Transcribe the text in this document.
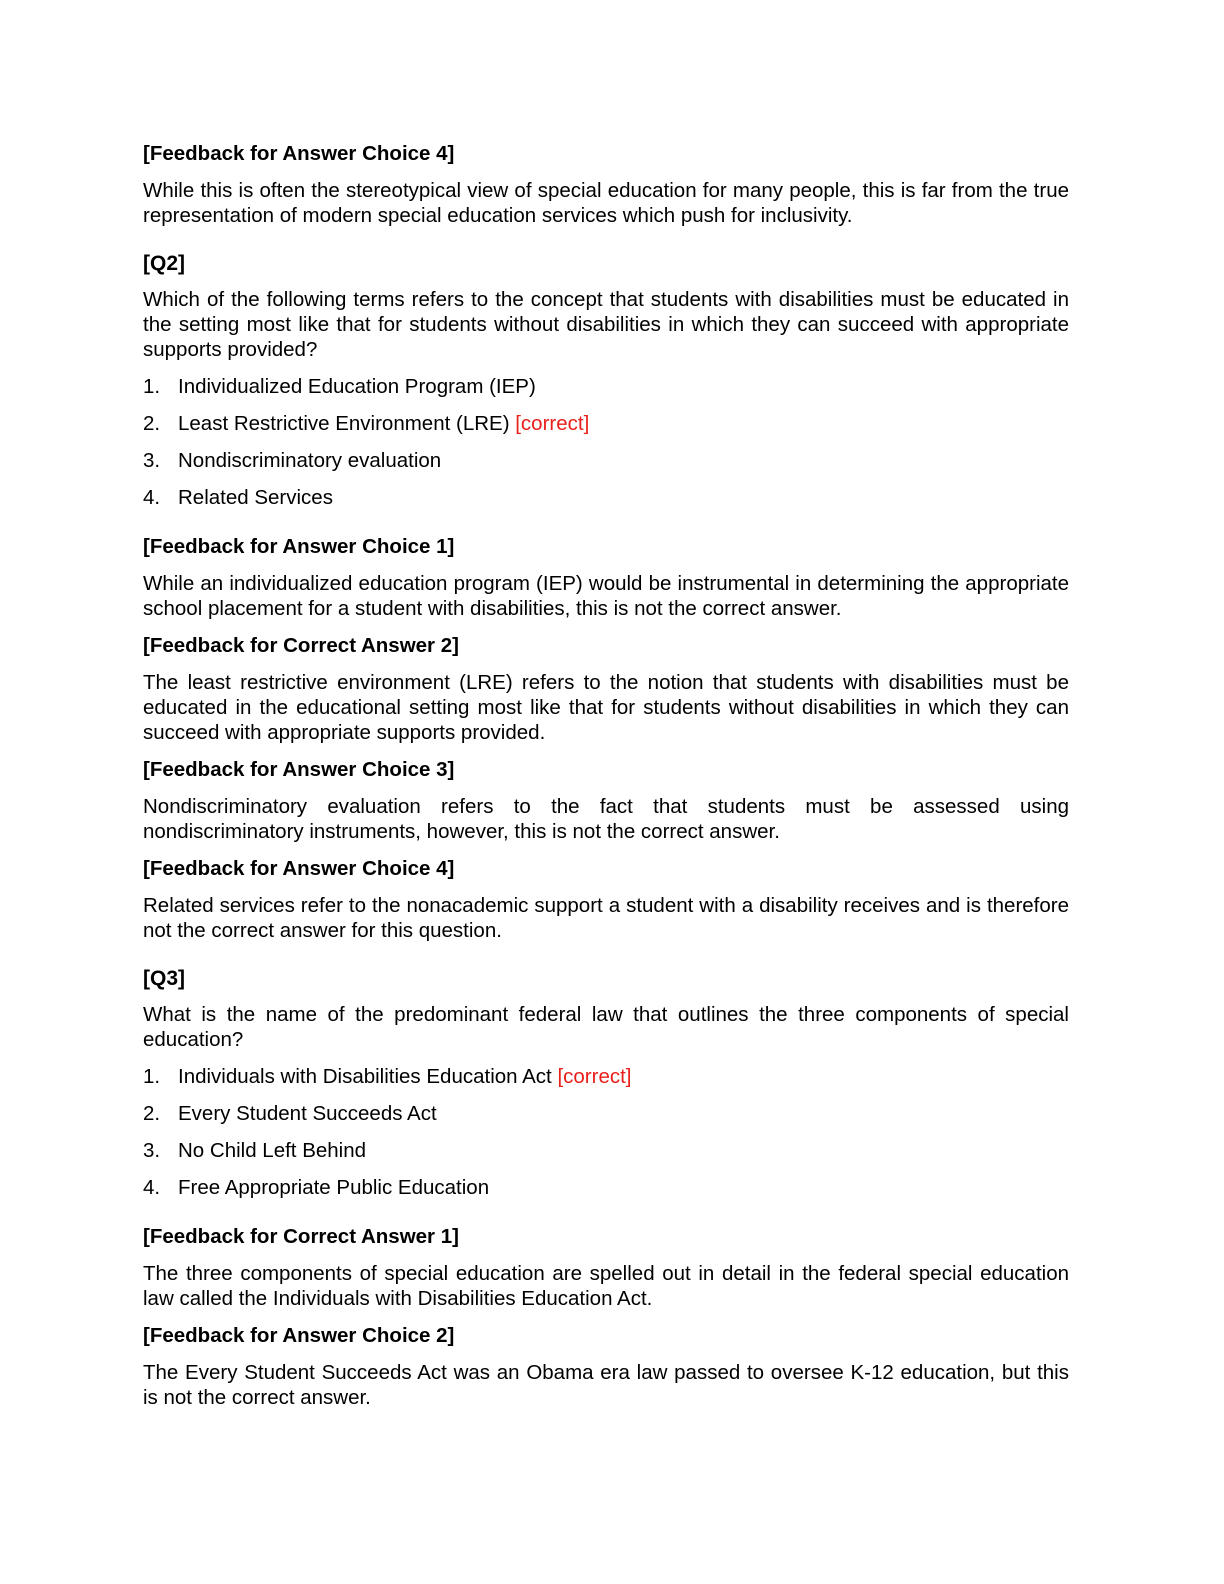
[Feedback for Answer Choice 4]

While this is often the stereotypical view of special education for many people, this is far from the true representation of modern special education services which push for inclusivity.

[Q2]

Which of the following terms refers to the concept that students with disabilities must be educated in the setting most like that for students without disabilities in which they can succeed with appropriate supports provided?

1. Individualized Education Program (IEP)
2. Least Restrictive Environment (LRE) [correct]
3. Nondiscriminatory evaluation
4. Related Services

[Feedback for Answer Choice 1]

While an individualized education program (IEP) would be instrumental in determining the appropriate school placement for a student with disabilities, this is not the correct answer.

[Feedback for Correct Answer 2]

The least restrictive environment (LRE) refers to the notion that students with disabilities must be educated in the educational setting most like that for students without disabilities in which they can succeed with appropriate supports provided.

[Feedback for Answer Choice 3]

Nondiscriminatory evaluation refers to the fact that students must be assessed using nondiscriminatory instruments, however, this is not the correct answer.

[Feedback for Answer Choice 4]

Related services refer to the nonacademic support a student with a disability receives and is therefore not the correct answer for this question.

[Q3]

What is the name of the predominant federal law that outlines the three components of special education?

1. Individuals with Disabilities Education Act [correct]
2. Every Student Succeeds Act
3. No Child Left Behind
4. Free Appropriate Public Education

[Feedback for Correct Answer 1]

The three components of special education are spelled out in detail in the federal special education law called the Individuals with Disabilities Education Act.

[Feedback for Answer Choice 2]

The Every Student Succeeds Act was an Obama era law passed to oversee K-12 education, but this is not the correct answer.
